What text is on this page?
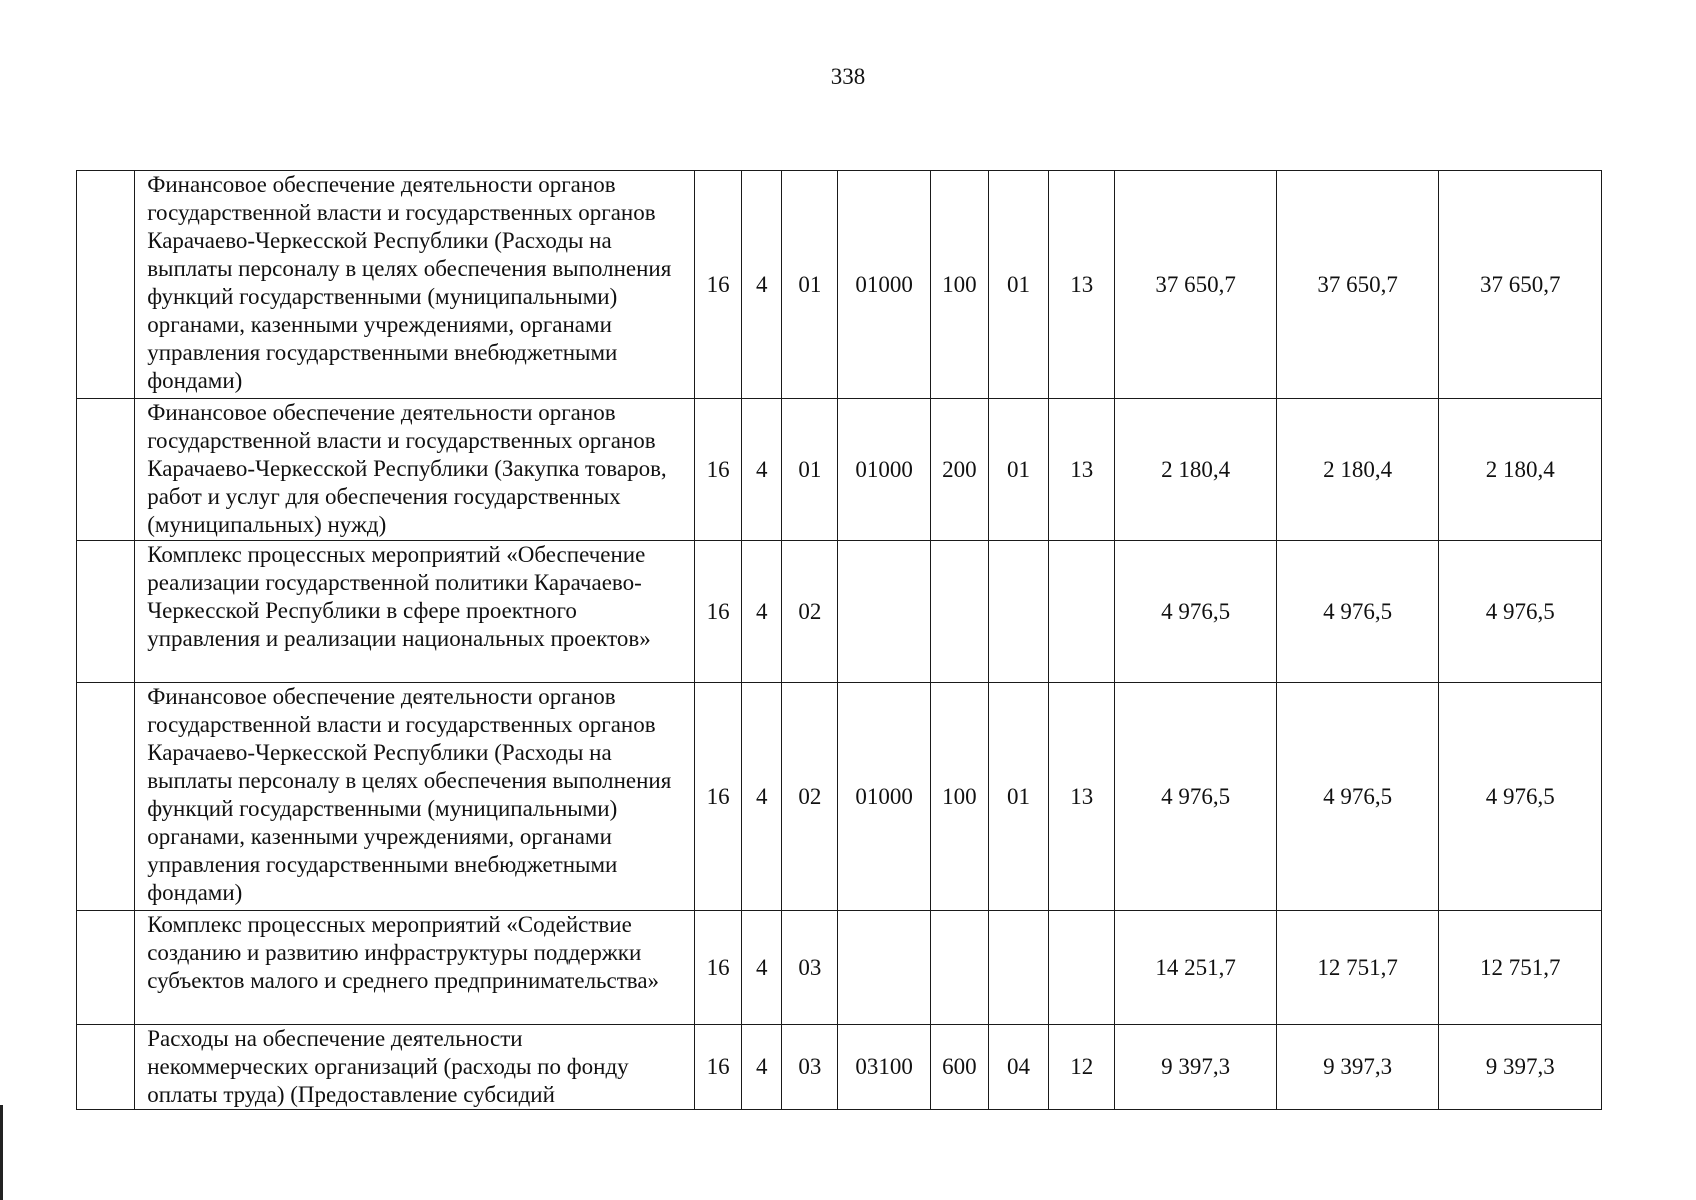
338
	Финансовое обеспечение деятельности органов государственной власти и государственных органов Карачаево-Черкесской Республики (Расходы на выплаты персоналу в целях обеспечения выполнения функций государственными (муниципальными) органами, казенными учреждениями, органами управления государственными внебюджетными фондами)	16	4	01	01000	100	01	13	37 650,7	37 650,7	37 650,7
	Финансовое обеспечение деятельности органов государственной власти и государственных органов Карачаево-Черкесской Республики (Закупка товаров, работ и услуг для обеспечения государственных (муниципальных) нужд)	16	4	01	01000	200	01	13	2 180,4	2 180,4	2 180,4
	Комплекс процессных мероприятий «Обеспечение реализации государственной политики Карачаево-Черкесской Республики в сфере проектного управления и реализации национальных проектов»	16	4	02					4 976,5	4 976,5	4 976,5
	Финансовое обеспечение деятельности органов государственной власти и государственных органов Карачаево-Черкесской Республики (Расходы на выплаты персоналу в целях обеспечения выполнения функций государственными (муниципальными) органами, казенными учреждениями, органами управления государственными внебюджетными фондами)	16	4	02	01000	100	01	13	4 976,5	4 976,5	4 976,5
	Комплекс процессных мероприятий «Содействие созданию и развитию инфраструктуры поддержки субъектов малого и среднего предпринимательства»	16	4	03					14 251,7	12 751,7	12 751,7
	Расходы на обеспечение деятельности некоммерческих организаций (расходы по фонду оплаты труда) (Предоставление субсидий	16	4	03	03100	600	04	12	9 397,3	9 397,3	9 397,3
